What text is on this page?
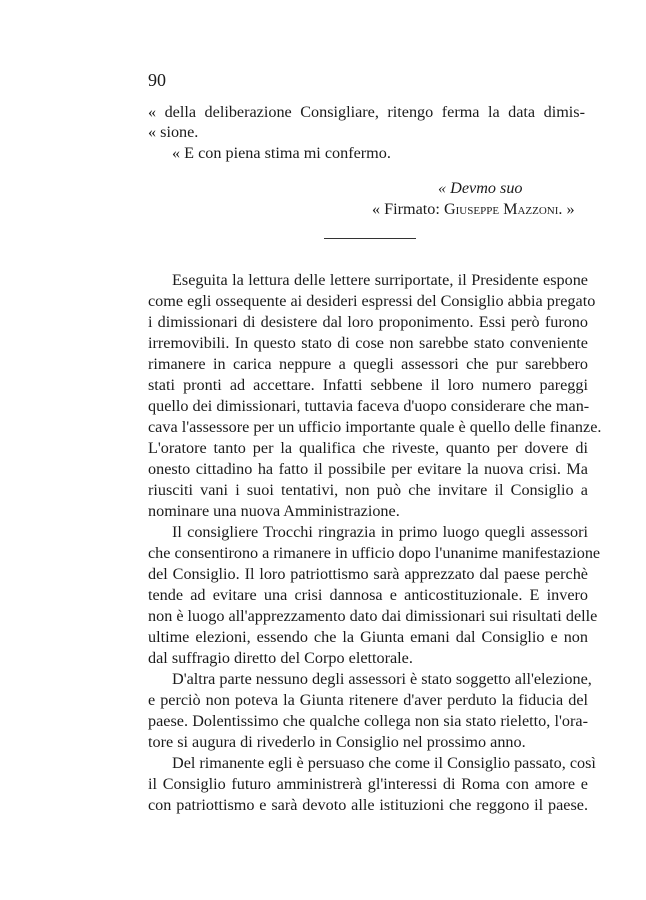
90
« della deliberazione Consigliare, ritengo ferma la data dimis-
« sione.
« E con piena stima mi confermo.
« Devmo suo
« Firmato: Giuseppe Mazzoni. »
Eseguita la lettura delle lettere surriportate, il Presidente espone
come egli ossequente ai desideri espressi del Consiglio abbia pregato
i dimissionari di desistere dal loro proponimento. Essi però furono
irremovibili. In questo stato di cose non sarebbe stato conveniente
rimanere in carica neppure a quegli assessori che pur sarebbero
stati pronti ad accettare. Infatti sebbene il loro numero pareggi
quello dei dimissionari, tuttavia faceva d'uopo considerare che man-
cava l'assessore per un ufficio importante quale è quello delle finanze.
L'oratore tanto per la qualifica che riveste, quanto per dovere di
onesto cittadino ha fatto il possibile per evitare la nuova crisi. Ma
riusciti vani i suoi tentativi, non può che invitare il Consiglio a
nominare una nuova Amministrazione.
Il consigliere Trocchi ringrazia in primo luogo quegli assessori
che consentirono a rimanere in ufficio dopo l'unanime manifestazione
del Consiglio. Il loro patriottismo sarà apprezzato dal paese perchè
tende ad evitare una crisi dannosa e anticostituzionale. E invero
non è luogo all'apprezzamento dato dai dimissionari sui risultati delle
ultime elezioni, essendo che la Giunta emani dal Consiglio e non
dal suffragio diretto del Corpo elettorale.
D'altra parte nessuno degli assessori è stato soggetto all'elezione,
e perciò non poteva la Giunta ritenere d'aver perduto la fiducia del
paese. Dolentissimo che qualche collega non sia stato rieletto, l'ora-
tore si augura di rivederlo in Consiglio nel prossimo anno.
Del rimanente egli è persuaso che come il Consiglio passato, così
il Consiglio futuro amministrerà gl'interessi di Roma con amore e
con patriottismo e sarà devoto alle istituzioni che reggono il paese.
